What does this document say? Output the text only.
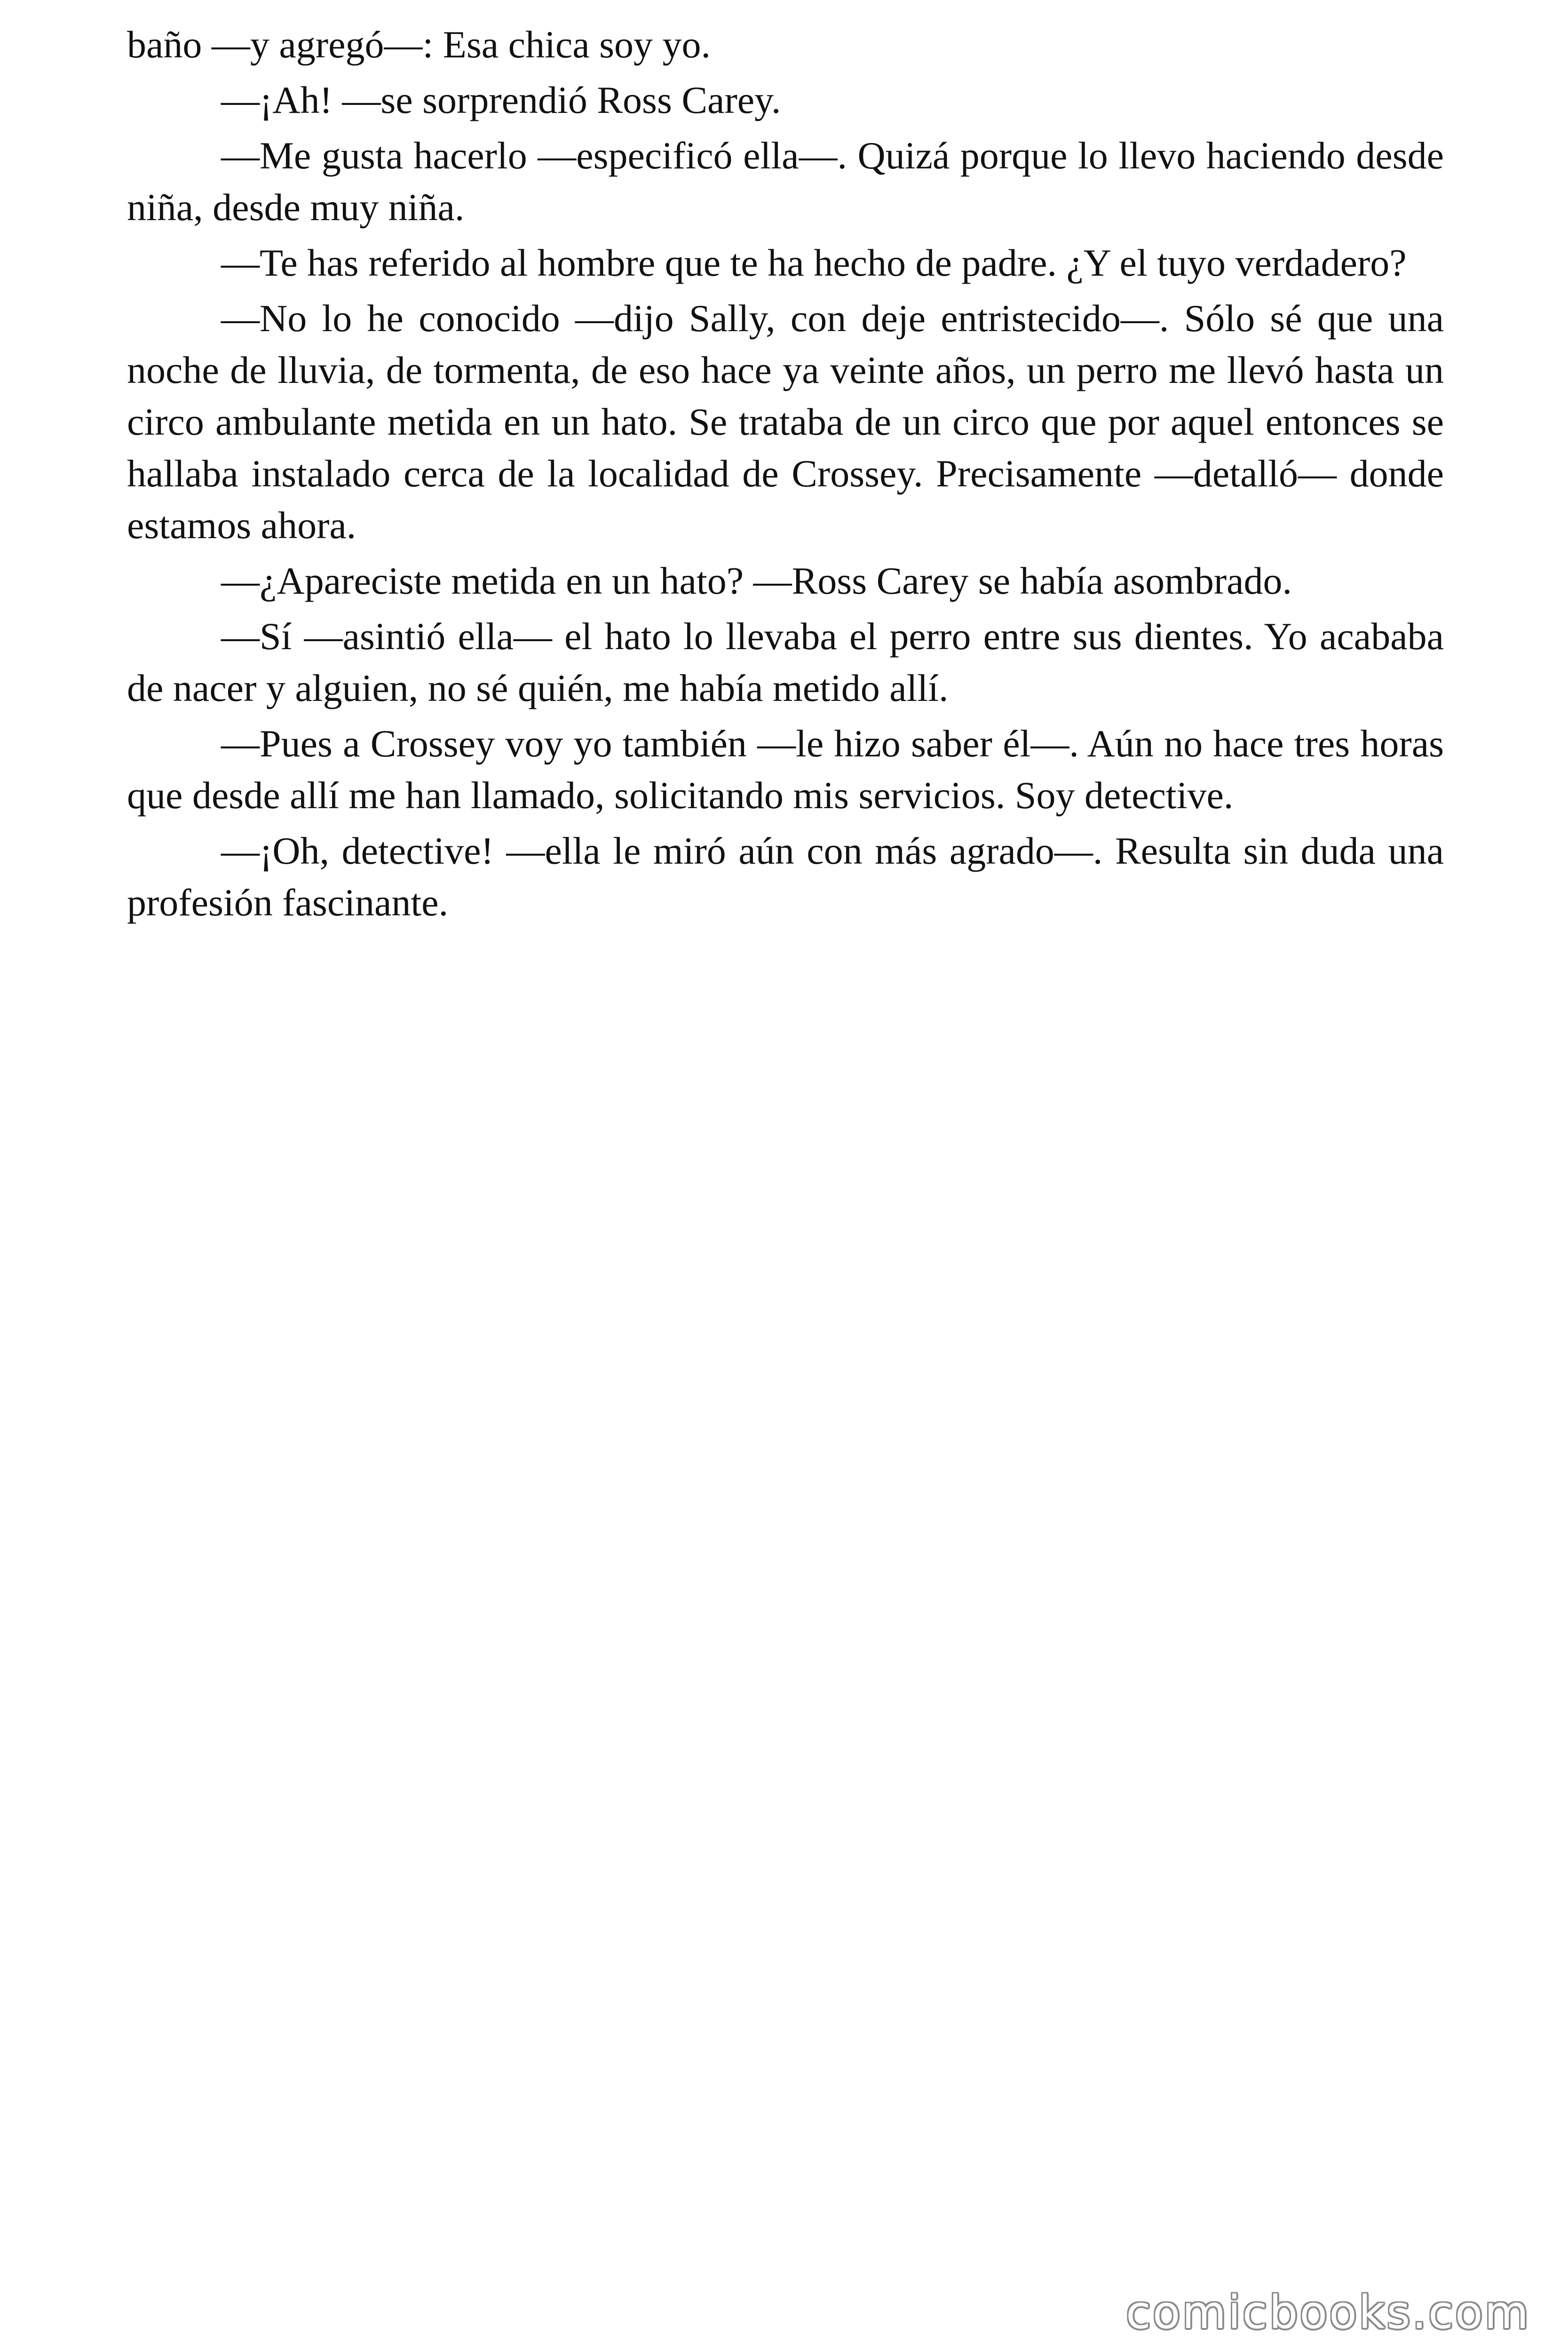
baño —y agregó—: Esa chica soy yo.

—¡Ah! —se sorprendió Ross Carey.

—Me gusta hacerlo —especificó ella—. Quizá porque lo llevo haciendo desde niña, desde muy niña.

—Te has referido al hombre que te ha hecho de padre. ¿Y el tuyo verdadero?

—No lo he conocido —dijo Sally, con deje entristecido—. Sólo sé que una noche de lluvia, de tormenta, de eso hace ya veinte años, un perro me llevó hasta un circo ambulante metida en un hato. Se trataba de un circo que por aquel entonces se hallaba instalado cerca de la localidad de Crossey. Precisamente —detalló— donde estamos ahora.

—¿Apareciste metida en un hato? —Ross Carey se había asombrado.

—Sí —asintió ella— el hato lo llevaba el perro entre sus dientes. Yo acababa de nacer y alguien, no sé quién, me había metido allí.

—Pues a Crossey voy yo también —le hizo saber él—. Aún no hace tres horas que desde allí me han llamado, solicitando mis servicios. Soy detective.

—¡Oh, detective! —ella le miró aún con más agrado—. Resulta sin duda una profesión fascinante.

comicbooks.com
